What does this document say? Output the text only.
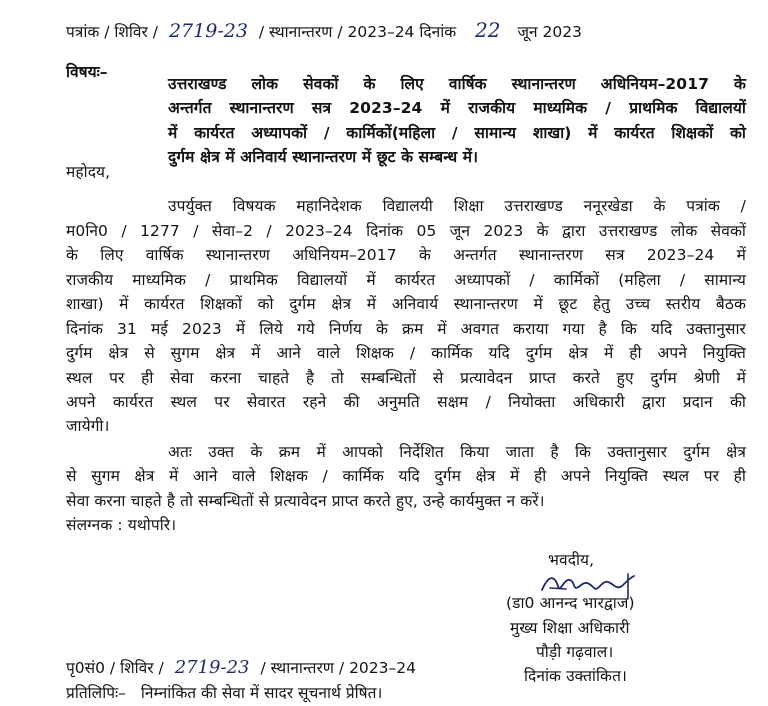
पत्रांक / शिविर / 2719-23 / स्थानान्तरण / 2023–24 दिनांक 22 जून 2023
विषयः–
उत्तराखण्ड लोक सेवकों के लिए वार्षिक स्थानान्तरण अधिनियम–2017 के
अन्तर्गत स्थानान्तरण सत्र 2023–24 में राजकीय माध्यमिक / प्राथमिक विद्यालयों
में कार्यरत अध्यापकों / कार्मिकों(महिला / सामान्य शाखा) में कार्यरत शिक्षकों को
दुर्गम क्षेत्र में अनिवार्य स्थानान्तरण में छूट के सम्बन्ध में।
महोदय,
उपर्युक्त विषयक महानिदेशक विद्यालयी शिक्षा उत्तराखण्ड ननूरखेडा के पत्रांक /
म0नि0 / 1277 / सेवा–2 / 2023–24 दिनांक 05 जून 2023 के द्वारा उत्तराखण्ड लोक सेवकों
के लिए वार्षिक स्थानान्तरण अधिनियम–2017 के अन्तर्गत स्थानान्तरण सत्र 2023–24 में
राजकीय माध्यमिक / प्राथमिक विद्यालयों में कार्यरत अध्यापकों / कार्मिकों (महिला / सामान्य
शाखा) में कार्यरत शिक्षकों को दुर्गम क्षेत्र में अनिवार्य स्थानान्तरण में छूट हेतु उच्च स्तरीय बैठक
दिनांक 31 मई 2023 में लिये गये निर्णय के क्रम में अवगत कराया गया है कि यदि उक्तानुसार
दुर्गम क्षेत्र से सुगम क्षेत्र में आने वाले शिक्षक / कार्मिक यदि दुर्गम क्षेत्र में ही अपने नियुक्ति
स्थल पर ही सेवा करना चाहते है तो सम्बन्धितों से प्रत्यावेदन प्राप्त करते हुए दुर्गम श्रेणी में
अपने कार्यरत स्थल पर सेवारत रहने की अनुमति सक्षम / नियोक्ता अधिकारी द्वारा प्रदान की
जायेगी।
अतः उक्त के क्रम में आपको निर्देशित किया जाता है कि उक्तानुसार दुर्गम क्षेत्र
से सुगम क्षेत्र में आने वाले शिक्षक / कार्मिक यदि दुर्गम क्षेत्र में ही अपने नियुक्ति स्थल पर ही
सेवा करना चाहते है तो सम्बन्धितों से प्रत्यावेदन प्राप्त करते हुए, उन्हे कार्यमुक्त न करें।
संलग्नक : यथोपरि।
भवदीय,
(डा0 आनन्द भारद्वाज)
मुख्य शिक्षा अधिकारी
पौड़ी गढ़वाल।
दिनांक उक्तांकित।
पृ0सं0 / शिविर / 2719-23 / स्थानान्तरण / 2023–24
प्रतिलिपिः– निम्नांकित की सेवा में सादर सूचनार्थ प्रेषित।
